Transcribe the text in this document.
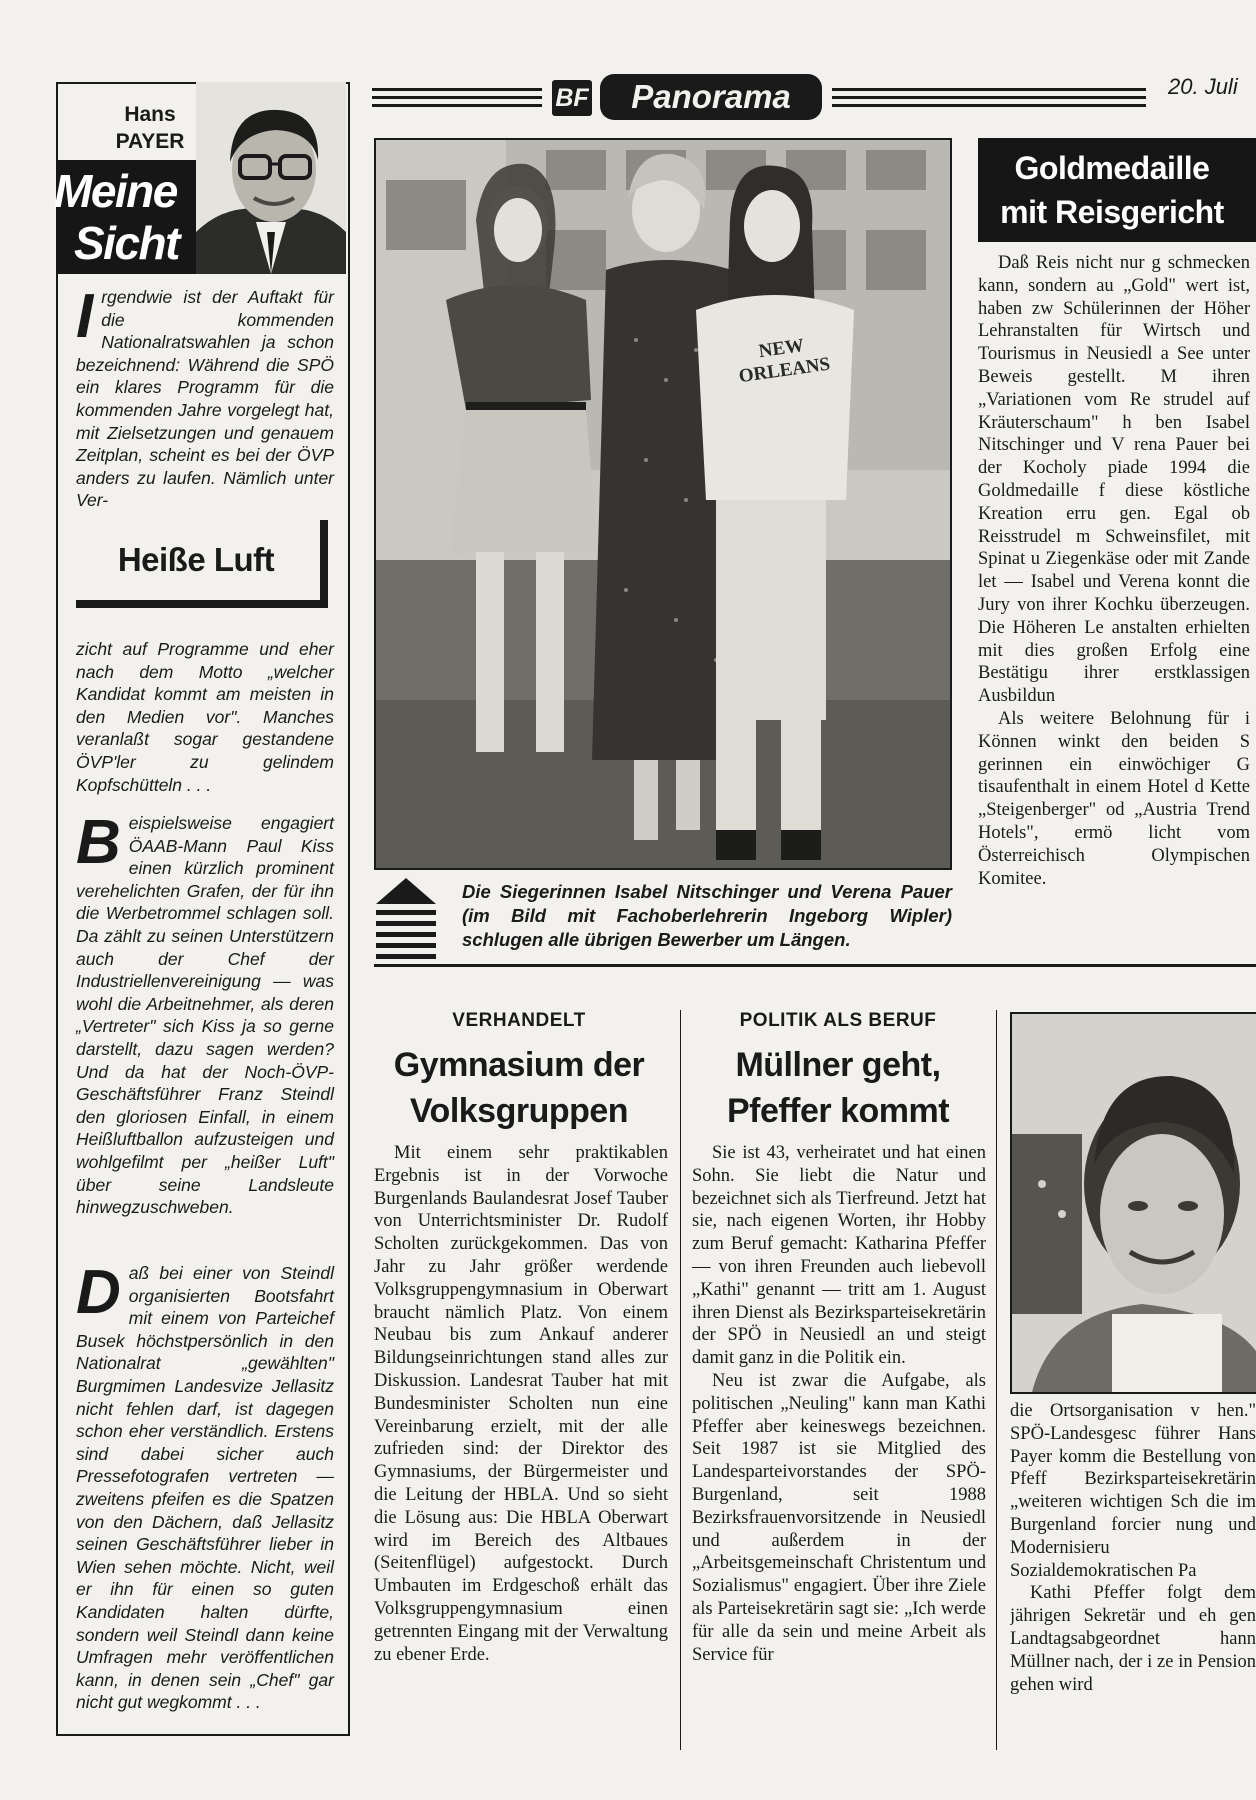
BF	Panorama	20. Juli
Hans
PAYER
Meine
Sicht

Irgendwie ist der Auftakt für die kommenden Nationalratswahlen ja schon bezeichnend: Während die SPÖ ein klares Programm für die kommenden Jahre vorgelegt hat, mit Zielsetzungen und genauem Zeitplan, scheint es bei der ÖVP anders zu laufen. Nämlich unter Ver-

Heiße Luft

zicht auf Programme und eher nach dem Motto „welcher Kandidat kommt am meisten in den Medien vor". Manches veranlaßt sogar gestandene ÖVP'ler zu gelindem Kopfschütteln . . .

Beispielsweise engagiert ÖAAB-Mann Paul Kiss einen kürzlich prominent verehelichten Grafen, der für ihn die Werbetrommel schlagen soll. Da zählt zu seinen Unterstützern auch der Chef der Industriellenvereinigung — was wohl die Arbeitnehmer, als deren „Vertreter" sich Kiss ja so gerne darstellt, dazu sagen werden? Und da hat der Noch-ÖVP-Geschäftsführer Franz Steindl den gloriosen Einfall, in einem Heißluftballon aufzusteigen und wohlgefilmt per „heißer Luft" über seine Landsleute hinwegzuschweben.

Daß bei einer von Steindl organisierten Bootsfahrt mit einem von Parteichef Busek höchstpersönlich in den Nationalrat „gewählten" Burgmimen Landesvize Jellasitz nicht fehlen darf, ist dagegen schon eher verständlich. Erstens sind dabei sicher auch Pressefotografen vertreten — zweitens pfeifen es die Spatzen von den Dächern, daß Jellasitz seinen Geschäftsführer lieber in Wien sehen möchte. Nicht, weil er ihn für einen so guten Kandidaten halten dürfte, sondern weil Steindl dann keine Umfragen mehr veröffentlichen kann, in denen sein „Chef" gar nicht gut wegkommt . . .

NEW ORLEANS
Die Siegerinnen Isabel Nitschinger und Verena Pauer (im Bild mit Fachoberlehrerin Ingeborg Wipler) schlugen alle übrigen Bewerber um Längen.
Goldmedaille
mit Reisgericht

Daß Reis nicht nur g schmecken kann, sondern au „Gold" wert ist, haben zw Schülerinnen der Höher Lehranstalten für Wirtsch und Tourismus in Neusiedl a See unter Beweis gestellt. M ihren „Variationen vom Re strudel auf Kräuterschaum" h ben Isabel Nitschinger und V rena Pauer bei der Kocholy piade 1994 die Goldmedaille f diese köstliche Kreation erru gen. Egal ob Reisstrudel m Schweinsfilet, mit Spinat u Ziegenkäse oder mit Zande let — Isabel und Verena konnt die Jury von ihrer Kochku überzeugen. Die Höheren Le anstalten erhielten mit dies großen Erfolg eine Bestätigu ihrer erstklassigen Ausbildun

Als weitere Belohnung für i Können winkt den beiden S gerinnen ein einwöchiger G tisaufenthalt in einem Hotel d Kette „Steigenberger" od „Austria Trend Hotels", ermö licht vom Österreichisch Olympischen Komitee.

VERHANDELT
Gymnasium der
Volksgruppen

Mit einem sehr praktikablen Ergebnis ist in der Vorwoche Burgenlands Baulandesrat Josef Tauber von Unterrichtsminister Dr. Rudolf Scholten zurückgekommen. Das von Jahr zu Jahr größer werdende Volksgruppengymnasium in Oberwart braucht nämlich Platz. Von einem Neubau bis zum Ankauf anderer Bildungseinrichtungen stand alles zur Diskussion. Landesrat Tauber hat mit Bundesminister Scholten nun eine Vereinbarung erzielt, mit der alle zufrieden sind: der Direktor des Gymnasiums, der Bürgermeister und die Leitung der HBLA. Und so sieht die Lösung aus: Die HBLA Oberwart wird im Bereich des Altbaues (Seitenflügel) aufgestockt. Durch Umbauten im Erdgeschoß erhält das Volksgruppengymnasium einen getrennten Eingang mit der Verwaltung zu ebener Erde.

POLITIK ALS BERUF
Müllner geht,
Pfeffer kommt

Sie ist 43, verheiratet und hat einen Sohn. Sie liebt die Natur und bezeichnet sich als Tierfreund. Jetzt hat sie, nach eigenen Worten, ihr Hobby zum Beruf gemacht: Katharina Pfeffer — von ihren Freunden auch liebevoll „Kathi" genannt — tritt am 1. August ihren Dienst als Bezirksparteisekretärin der SPÖ in Neusiedl an und steigt damit ganz in die Politik ein.

Neu ist zwar die Aufgabe, als politischen „Neuling" kann man Kathi Pfeffer aber keineswegs bezeichnen. Seit 1987 ist sie Mitglied des Landesparteivorstandes der SPÖ-Burgenland, seit 1988 Bezirksfrauenvorsitzende in Neusiedl und außerdem in der „Arbeitsgemeinschaft Christentum und Sozialismus" engagiert. Über ihre Ziele als Parteisekretärin sagt sie: „Ich werde für alle da sein und meine Arbeit als Service für

die Ortsorganisation v hen." SPÖ-Landesgesc führer Hans Payer komm die Bestellung von Pfeff Bezirksparteisekretärin „weiteren wichtigen Sch die im Burgenland forcier nung und Modernisieru Sozialdemokratischen Pa

Kathi Pfeffer folgt dem jährigen Sekretär und eh gen Landtagsabgeordnet hann Müllner nach, der i ze in Pension gehen wird
